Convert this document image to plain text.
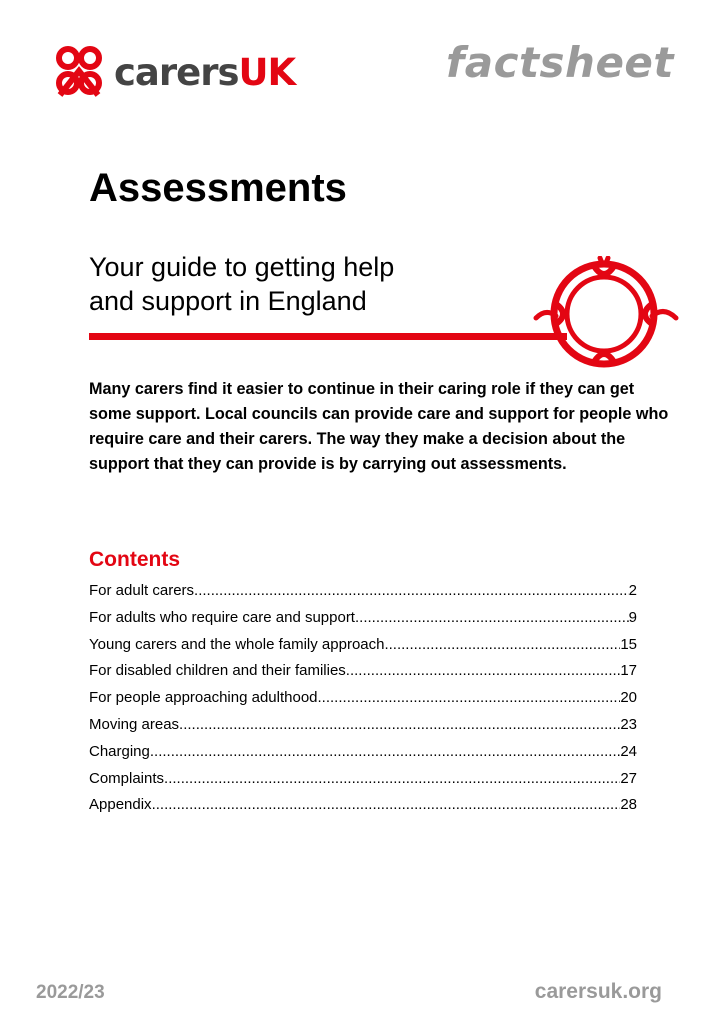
carersUK	factsheet
Assessments
Your guide to getting help
and support in England

Many carers find it easier to continue in their caring role if they can get some support. Local councils can provide care and support for people who require care and their carers. The way they make a decision about the support that they can provide is by carrying out assessments.

Contents
For adult carers .....	2
For adults who require care and support .....	9
Young carers and the whole family approach .....	15
For disabled children and their families .....	17
For people approaching adulthood .....	20
Moving areas .....	23
Charging .....	24
Complaints .....	27
Appendix .....	28
2022/23	carersuk.org
